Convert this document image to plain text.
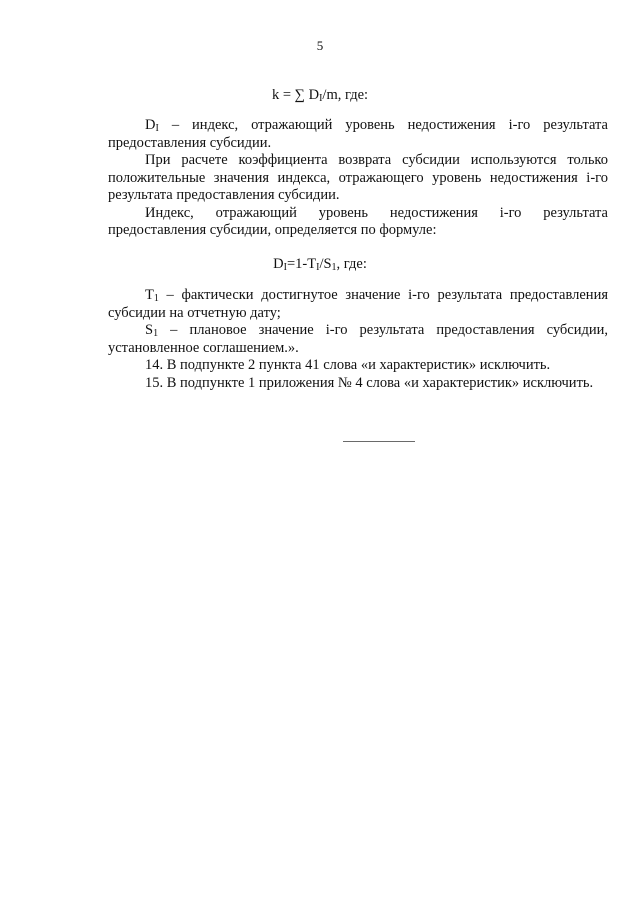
5
k = ∑ $D_I/m$, где:

$D_I$ – индекс, отражающий уровень недостижения i-го результата предоставления субсидии.

При расчете коэффициента возврата субсидии используются только положительные значения индекса, отражающего уровень недостижения i-го результата предоставления субсидии.

Индекс, отражающий уровень недостижения i-го результата предоставления субсидии, определяется по формуле:

$D_I=1-T_I/S_1$, где:

$T_1$ – фактически достигнутое значение i-го результата предоставления субсидии на отчетную дату;

$S_1$ – плановое значение i-го результата предоставления субсидии, установленное соглашением.».

14. В подпункте 2 пункта 41 слова «и характеристик» исключить.

15. В подпункте 1 приложения № 4 слова «и характеристик» исключить.
